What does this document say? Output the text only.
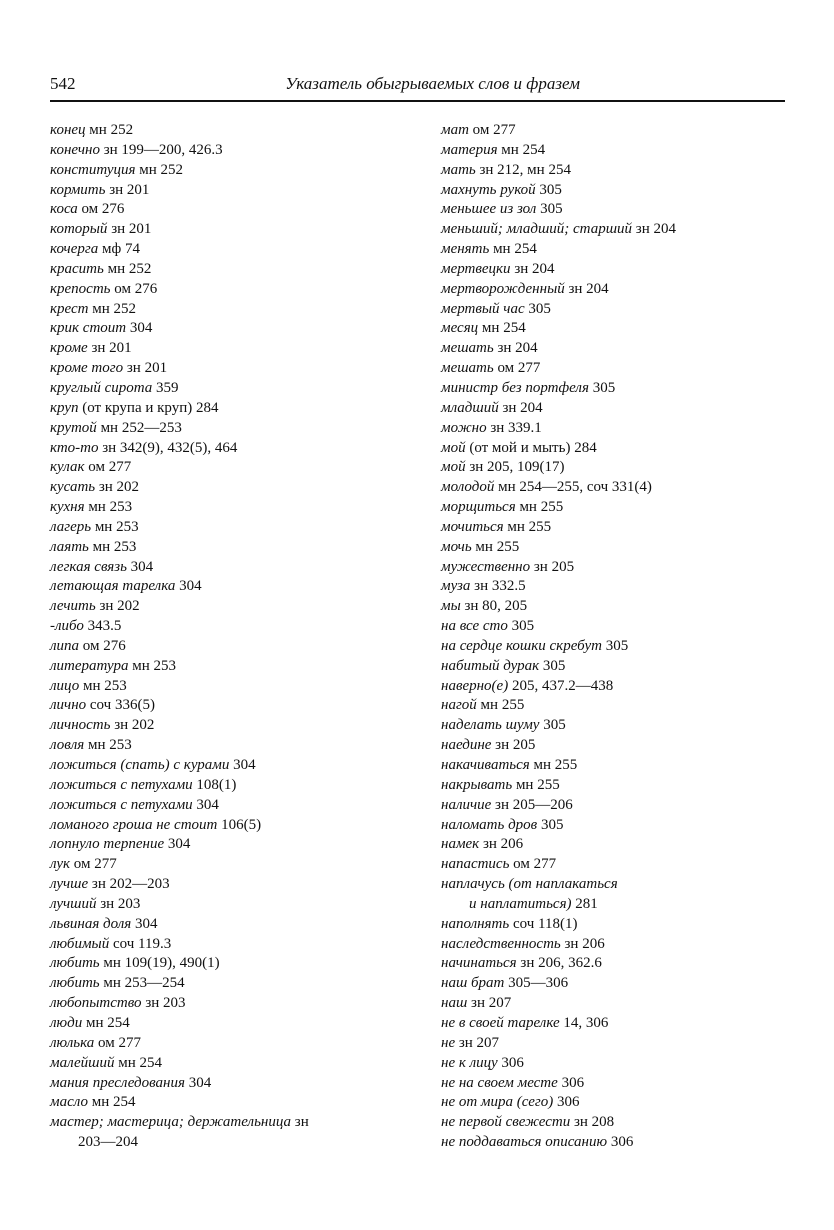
542	Указатель обыгрываемых слов и фразем
конец мн 252
конечно зн 199—200, 426.3
конституция мн 252
кормить зн 201
коса ом 276
который зн 201
кочерга мф 74
красить мн 252
крепость ом 276
крест мн 252
крик стоит 304
кроме зн 201
кроме того зн 201
круглый сирота 359
круп (от крупа и круп) 284
крутой мн 252—253
кто-то зн 342(9), 432(5), 464
кулак ом 277
кусать зн 202
кухня мн 253
лагерь мн 253
лаять мн 253
легкая связь 304
летающая тарелка 304
лечить зн 202
-либо 343.5
липа ом 276
литература мн 253
лицо мн 253
лично соч 336(5)
личность зн 202
ловля мн 253
ложиться (спать) с курами 304
ложиться с петухами 108(1)
ложиться с петухами 304
ломаного гроша не стоит 106(5)
лопнуло терпение 304
лук ом 277
лучше зн 202—203
лучший зн 203
львиная доля 304
любимый соч 119.3
любить мн 109(19), 490(1)
любить мн 253—254
любопытство зн 203
люди мн 254
люлька ом 277
малейший мн 254
мания преследования 304
масло мн 254
мастер; мастерица; держательница зн
203—204
мат ом 277
материя мн 254
мать зн 212, мн 254
махнуть рукой 305
меньшее из зол 305
меньший; младший; старший зн 204
менять мн 254
мертвецки зн 204
мертворожденный зн 204
мертвый час 305
месяц мн 254
мешать зн 204
мешать ом 277
министр без портфеля 305
младший зн 204
можно зн 339.1
мой (от мой и мыть) 284
мой зн 205, 109(17)
молодой мн 254—255, соч 331(4)
морщиться мн 255
мочиться мн 255
мочь мн 255
мужественно зн 205
муза зн 332.5
мы зн 80, 205
на все сто 305
на сердце кошки скребут 305
набитый дурак 305
наверно(е) 205, 437.2—438
нагой мн 255
наделать шуму 305
наедине зн 205
накачиваться мн 255
накрывать мн 255
наличие зн 205—206
наломать дров 305
намек зн 206
напастись ом 277
наплачусь (от наплакаться
и наплатиться) 281
наполнять соч 118(1)
наследственность зн 206
начинаться зн 206, 362.6
наш брат 305—306
наш зн 207
не в своей тарелке 14, 306
не зн 207
не к лицу 306
не на своем месте 306
не от мира (сего) 306
не первой свежести зн 208
не поддаваться описанию 306
